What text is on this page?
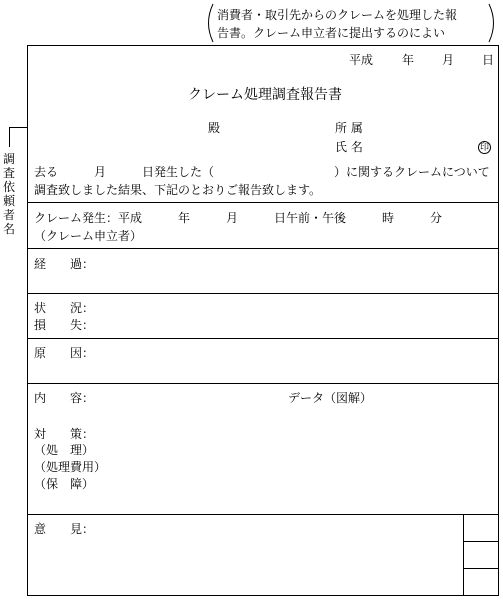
消費者・取引先からのクレームを処理した報
告書。クレーム申立者に提出するのによい
調
査
依
頼
者
名
平成 年 月 日
クレーム処理調査報告書
殿	所 属
氏 名	印
去る　　　月　　　日発生した（　　　　　　　　　　）に関するクレームについて
調査致しました結果、下記のとおりご報告致します。
クレーム発生：平成　　　年　　　月　　　日午前・午後　　　時　　　分
（クレーム申立者）
経　　過：
状　　況：
損　　失：
原　　因：
内　　容：	データ（図解）
対　　策：
（処　理）
（処理費用）
（保　障）
意　　見：
